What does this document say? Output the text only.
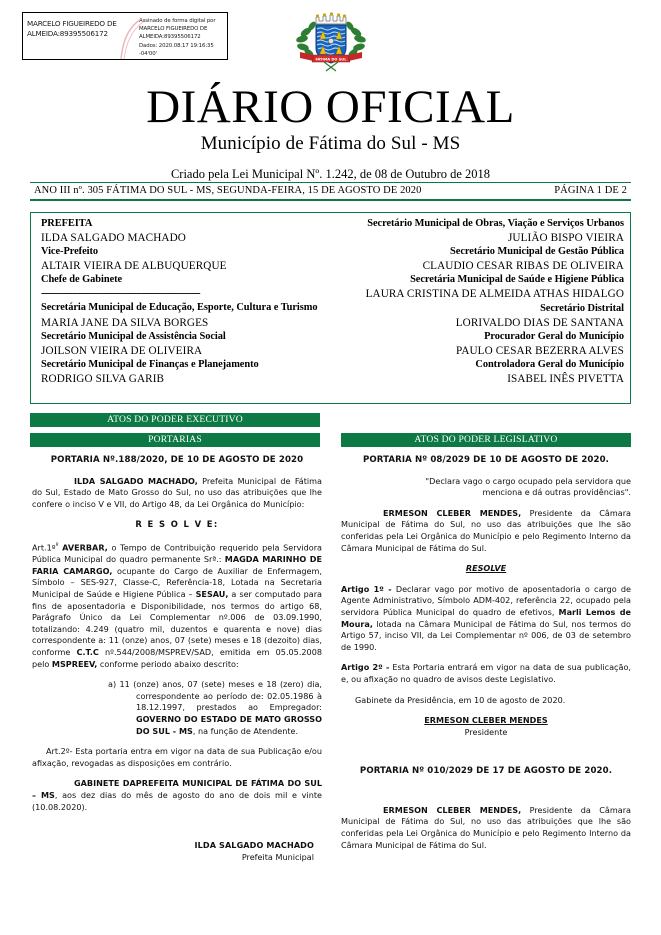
MARCELO FIGUEIREDO DE
ALMEIDA:89395506172
Assinado de forma digital por
MARCELO FIGUEIREDO DE
ALMEIDA:89395506172
Dados: 2020.08.17 19:16:35 -04'00'
FÁTIMA DO SUL
DIÁRIO OFICIAL
Município de Fátima do Sul - MS
Criado pela Lei Municipal Nº. 1.242, de 08 de Outubro de 2018
ANO III nº. 305 FÁTIMA DO SUL - MS, SEGUNDA-FEIRA, 15 DE AGOSTO DE 2020	PÁGINA 1 DE 2
PREFEITA
ILDA SALGADO MACHADO
Vice-Prefeito
ALTAIR VIEIRA DE ALBUQUERQUE
Chefe de Gabinete
--------------------------------------------------------------
Secretária Municipal de Educação, Esporte, Cultura e Turismo
MARIA JANE DA SILVA BORGES
Secretário Municipal de Assistência Social
JOILSON VIEIRA DE OLIVEIRA
Secretário Municipal de Finanças e Planejamento
RODRIGO SILVA GARIB
Secretário Municipal de Obras, Viação e Serviços Urbanos
JULIÃO BISPO VIEIRA
Secretário Municipal de Gestão Pública
CLAUDIO CESAR RIBAS DE OLIVEIRA
Secretária Municipal de Saúde e Higiene Pública
LAURA CRISTINA DE ALMEIDA ATHAS HIDALGO
Secretário Distrital
LORIVALDO DIAS DE SANTANA
Procurador Geral do Município
PAULO CESAR BEZERRA ALVES
Controladora Geral do Município
ISABEL INÊS PIVETTA
ATOS DO PODER EXECUTIVO
PORTARIAS	ATOS DO PODER LEGISLATIVO
PORTARIA Nº.188/2020, DE 10 DE AGOSTO DE 2020
ILDA SALGADO MACHADO, Prefeita Municipal de Fátima do Sul, Estado de Mato Grosso do Sul, no uso das atribuições que lhe confere o inciso V e VII, do Artigo 48, da Lei Orgânica do Município:
R E S O L V E:
Art.1º$^º$ AVERBAR, o Tempo de Contribuição requerido pela Servidora Pública Municipal do quadro permanente Srª.: MAGDA MARINHO DE FARIA CAMARGO, ocupante do Cargo de Auxiliar de Enfermagem, Símbolo – SES-927, Classe-C, Referência-18, Lotada na Secretaria Municipal de Saúde e Higiene Pública – SESAU, a ser computado para fins de aposentadoria e Disponibilidade, nos termos do artigo 68, Parágrafo Único da Lei Complementar nº.006 de 03.09.1990, totalizando: 4.249 (quatro mil, duzentos e quarenta e nove) dias correspondente a: 11 (onze) anos, 07 (sete) meses e 18 (dezoito) dias, conforme C.T.C nº.544/2008/MSPREV/SAD, emitida em 05.05.2008 pelo MSPREEV, conforme periodo abaixo descrito:
a) 11 (onze) anos, 07 (sete) meses e 18 (zero) dia, correspondente ao período de: 02.05.1986 à 18.12.1997, prestados ao Empregador: GOVERNO DO ESTADO DE MATO GROSSO DO SUL - MS, na função de Atendente.
Art.2º- Esta portaria entra em vigor na data de sua Publicação e/ou afixação, revogadas as disposições em contrário.
GABINETE DAPREFEITA MUNICIPAL DE FÁTIMA DO SUL – MS, aos dez dias do mês de agosto do ano de dois mil e vinte (10.08.2020).
ILDA SALGADO MACHADO
Prefeita Municipal
PORTARIA Nº 08/2029 DE 10 DE AGOSTO DE 2020.
"Declara vago o cargo ocupado pela servidora que menciona e dá outras providências".
ERMESON CLEBER MENDES, Presidente da Câmara Municipal de Fátima do Sul, no uso das atribuições que lhe são conferidas pela Lei Orgânica do Município e pelo Regimento Interno da Câmara Municipal de Fátima do Sul.
RESOLVE
Artigo 1º - Declarar vago por motivo de aposentadoria o cargo de Agente Administrativo, Símbolo ADM-402, referência 22, ocupado pela servidora Pública Municipal do quadro de efetivos, Marli Lemos de Moura, lotada na Câmara Municipal de Fátima do Sul, nos termos do Artigo 57, inciso VII, da Lei Complementar nº 006, de 03 de setembro de 1990.
Artigo 2º - Esta Portaria entrará em vigor na data de sua publicação, e, ou afixação no quadro de avisos deste Legislativo.
Gabinete da Presidência, em 10 de agosto de 2020.
ERMESON CLEBER MENDES
Presidente
PORTARIA Nº 010/2029 DE 17 DE AGOSTO DE 2020.
ERMESON CLEBER MENDES, Presidente da Câmara Municipal de Fátima do Sul, no uso das atribuições que lhe são conferidas pela Lei Orgânica do Município e pelo Regimento Interno da Câmara Municipal de Fátima do Sul.
